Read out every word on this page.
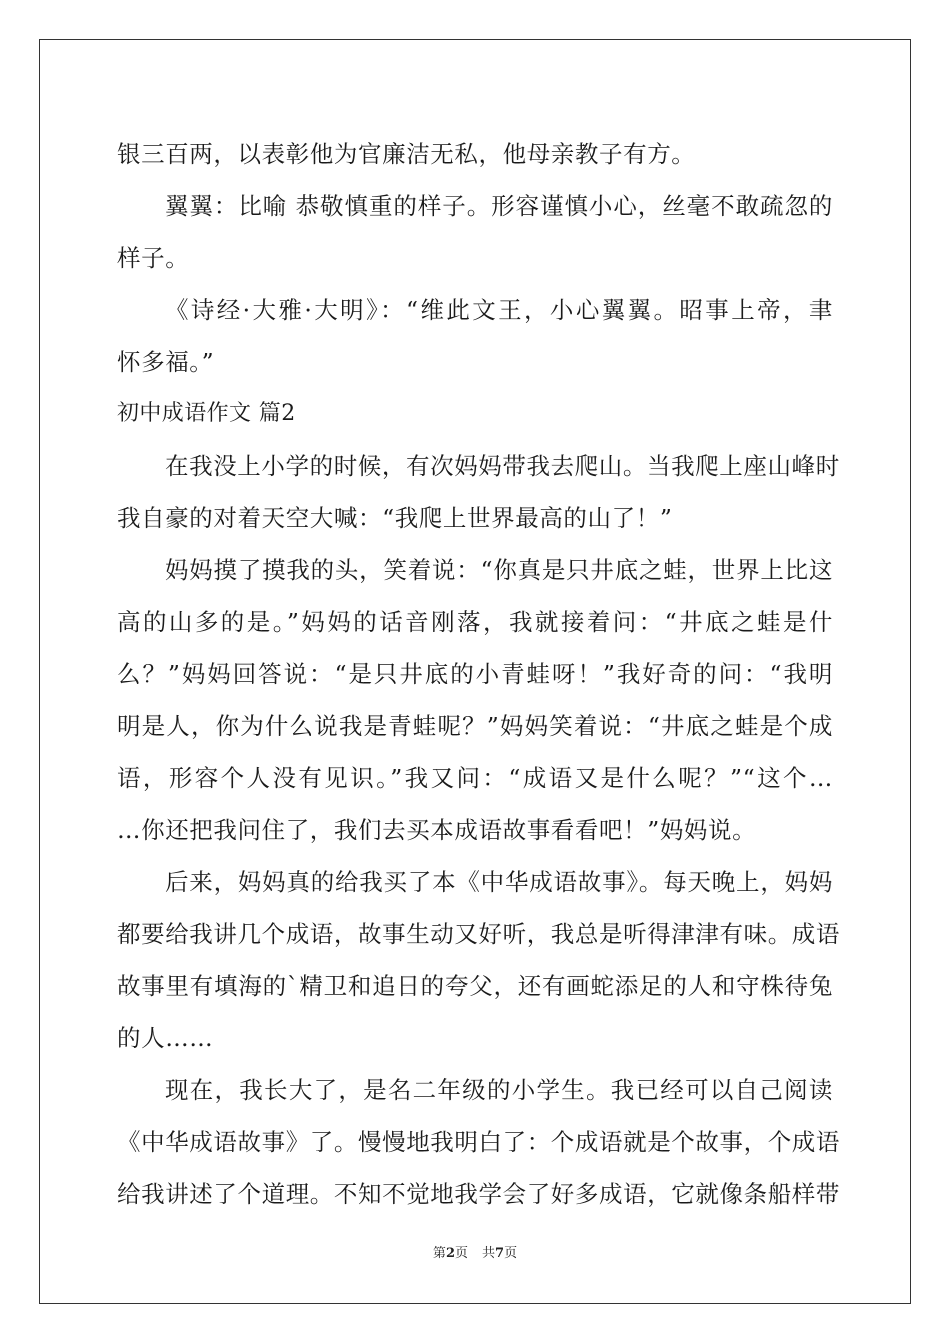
银三百两，以表彰他为官廉洁无私，他母亲教子有方。
翼翼：比喻 恭敬慎重的样子。形容谨慎小心，丝毫不敢疏忽的
样子。
《诗经·大雅·大明》：“维此文王，小心翼翼。昭事上帝，聿
怀多福。”
初中成语作文 篇2
在我没上小学的时候，有次妈妈带我去爬山。当我爬上座山峰时
我自豪的对着天空大喊：“我爬上世界最高的山了！”
妈妈摸了摸我的头，笑着说：“你真是只井底之蛙，世界上比这
高的山多的是。”妈妈的话音刚落，我就接着问：“井底之蛙是什
么？”妈妈回答说：“是只井底的小青蛙呀！”我好奇的问：“我明
明是人，你为什么说我是青蛙呢？”妈妈笑着说：“井底之蛙是个成
语，形容个人没有见识。”我又问：“成语又是什么呢？”“这个…
…你还把我问住了，我们去买本成语故事看看吧！”妈妈说。
后来，妈妈真的给我买了本《中华成语故事》。每天晚上，妈妈
都要给我讲几个成语，故事生动又好听，我总是听得津津有味。成语
故事里有填海的`精卫和追日的夸父，还有画蛇添足的人和守株待兔
的人……
现在，我长大了，是名二年级的小学生。我已经可以自己阅读
《中华成语故事》了。慢慢地我明白了：个成语就是个故事，个成语
给我讲述了个道理。不知不觉地我学会了好多成语，它就像条船样带
第2页 共7页
